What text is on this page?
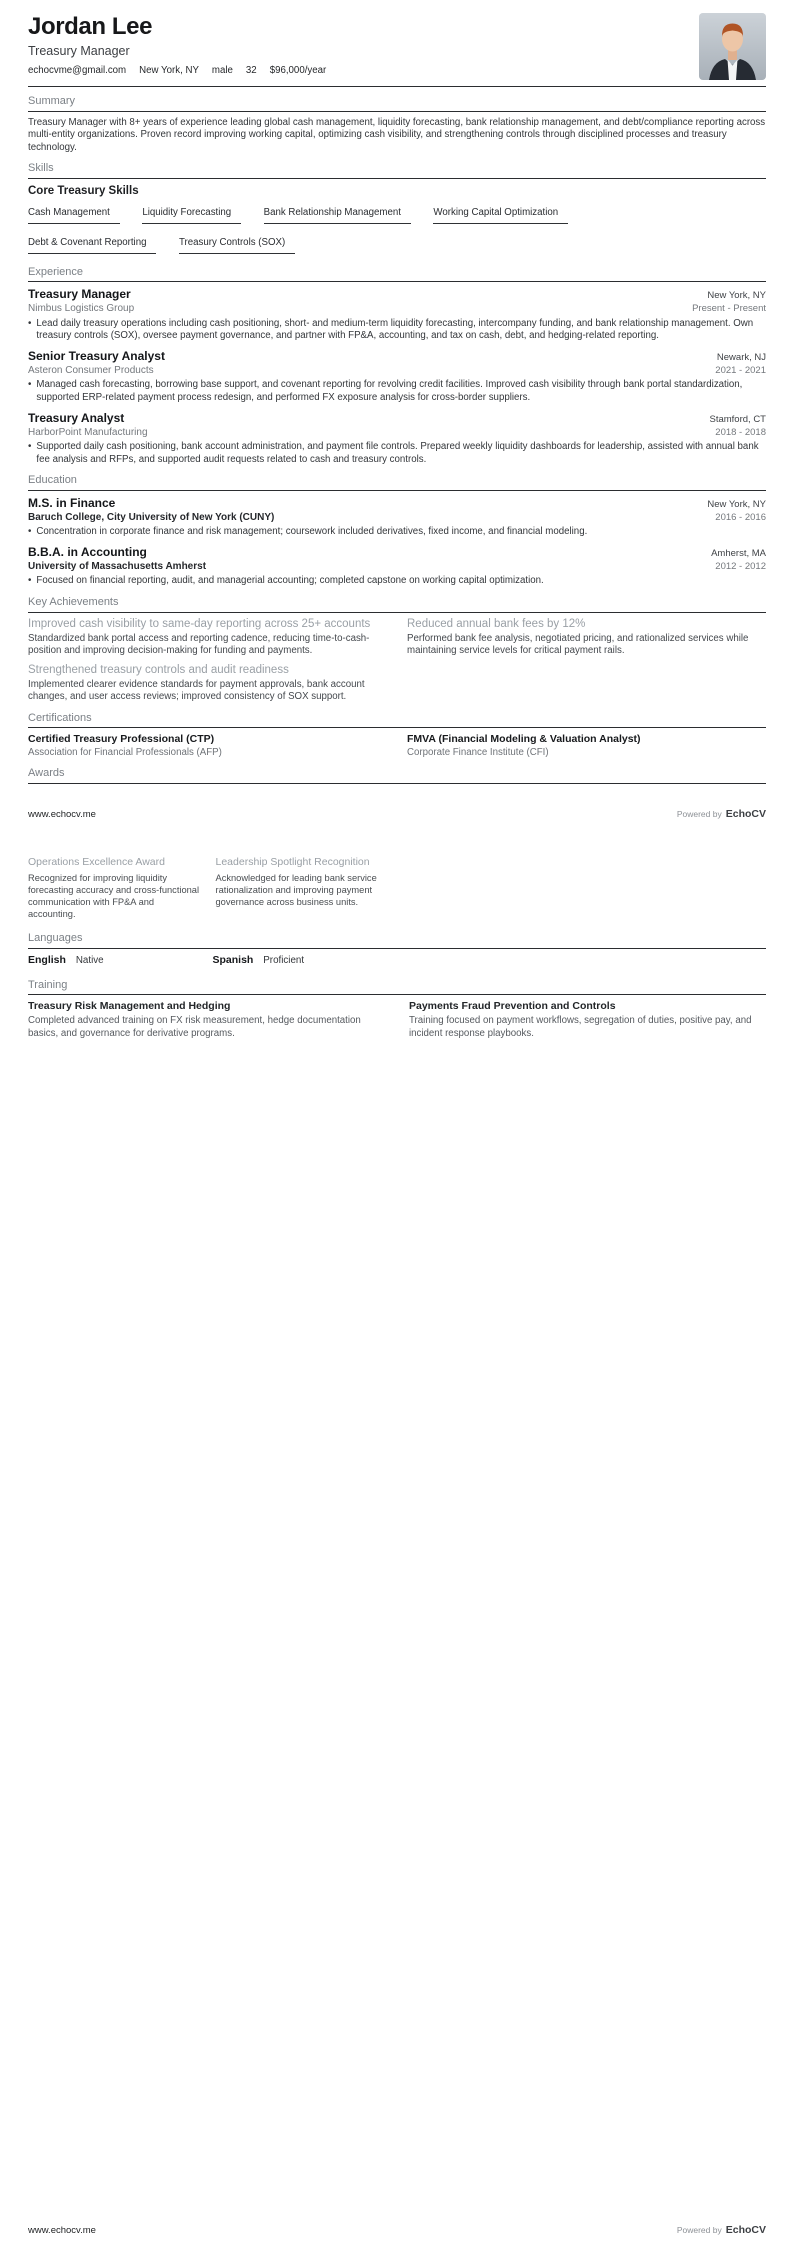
Jordan Lee
Treasury Manager
echocvme@gmail.com New York, NY male 32 $96,000/year
Summary
Treasury Manager with 8+ years of experience leading global cash management, liquidity forecasting, bank relationship management, and debt/compliance reporting across multi-entity organizations. Proven record improving working capital, optimizing cash visibility, and strengthening controls through disciplined processes and treasury technology.
Skills
Core Treasury Skills
Cash Management	Liquidity Forecasting	Bank Relationship Management	Working Capital Optimization
Debt & Covenant Reporting	Treasury Controls (SOX)
Experience
Treasury Manager	New York, NY
Nimbus Logistics Group	Present - Present
•
Lead daily treasury operations including cash positioning, short- and medium-term liquidity forecasting, intercompany funding, and bank relationship management. Own treasury controls (SOX), oversee payment governance, and partner with FP&A, accounting, and tax on cash, debt, and hedging-related reporting.
Senior Treasury Analyst	Newark, NJ
Asteron Consumer Products	2021 - 2021
•
Managed cash forecasting, borrowing base support, and covenant reporting for revolving credit facilities. Improved cash visibility through bank portal standardization, supported ERP-related payment process redesign, and performed FX exposure analysis for cross-border suppliers.
Treasury Analyst	Stamford, CT
HarborPoint Manufacturing	2018 - 2018
•
Supported daily cash positioning, bank account administration, and payment file controls. Prepared weekly liquidity dashboards for leadership, assisted with annual bank fee analysis and RFPs, and supported audit requests related to cash and treasury controls.
Education
M.S. in Finance	New York, NY
Baruch College, City University of New York (CUNY)	2016 - 2016
•
Concentration in corporate finance and risk management; coursework included derivatives, fixed income, and financial modeling.
B.B.A. in Accounting	Amherst, MA
University of Massachusetts Amherst	2012 - 2012
•
Focused on financial reporting, audit, and managerial accounting; completed capstone on working capital optimization.
Key Achievements
Improved cash visibility to same-day reporting across 25+ accounts
Standardized bank portal access and reporting cadence, reducing time-to-cash-position and improving decision-making for funding and payments.
Reduced annual bank fees by 12%
Performed bank fee analysis, negotiated pricing, and rationalized services while maintaining service levels for critical payment rails.
Strengthened treasury controls and audit readiness
Implemented clearer evidence standards for payment approvals, bank account changes, and user access reviews; improved consistency of SOX support.
Certifications
Certified Treasury Professional (CTP)
Association for Financial Professionals (AFP)
FMVA (Financial Modeling & Valuation Analyst)
Corporate Finance Institute (CFI)
Awards
www.echocv.me	Powered by EchoCV
Operations Excellence Award
Recognized for improving liquidity forecasting accuracy and cross-functional communication with FP&A and accounting.
Leadership Spotlight Recognition
Acknowledged for leading bank service rationalization and improving payment governance across business units.
Languages
English Native	Spanish Proficient
Training
Treasury Risk Management and Hedging
Completed advanced training on FX risk measurement, hedge documentation basics, and governance for derivative programs.
Payments Fraud Prevention and Controls
Training focused on payment workflows, segregation of duties, positive pay, and incident response playbooks.
www.echocv.me	Powered by EchoCV
